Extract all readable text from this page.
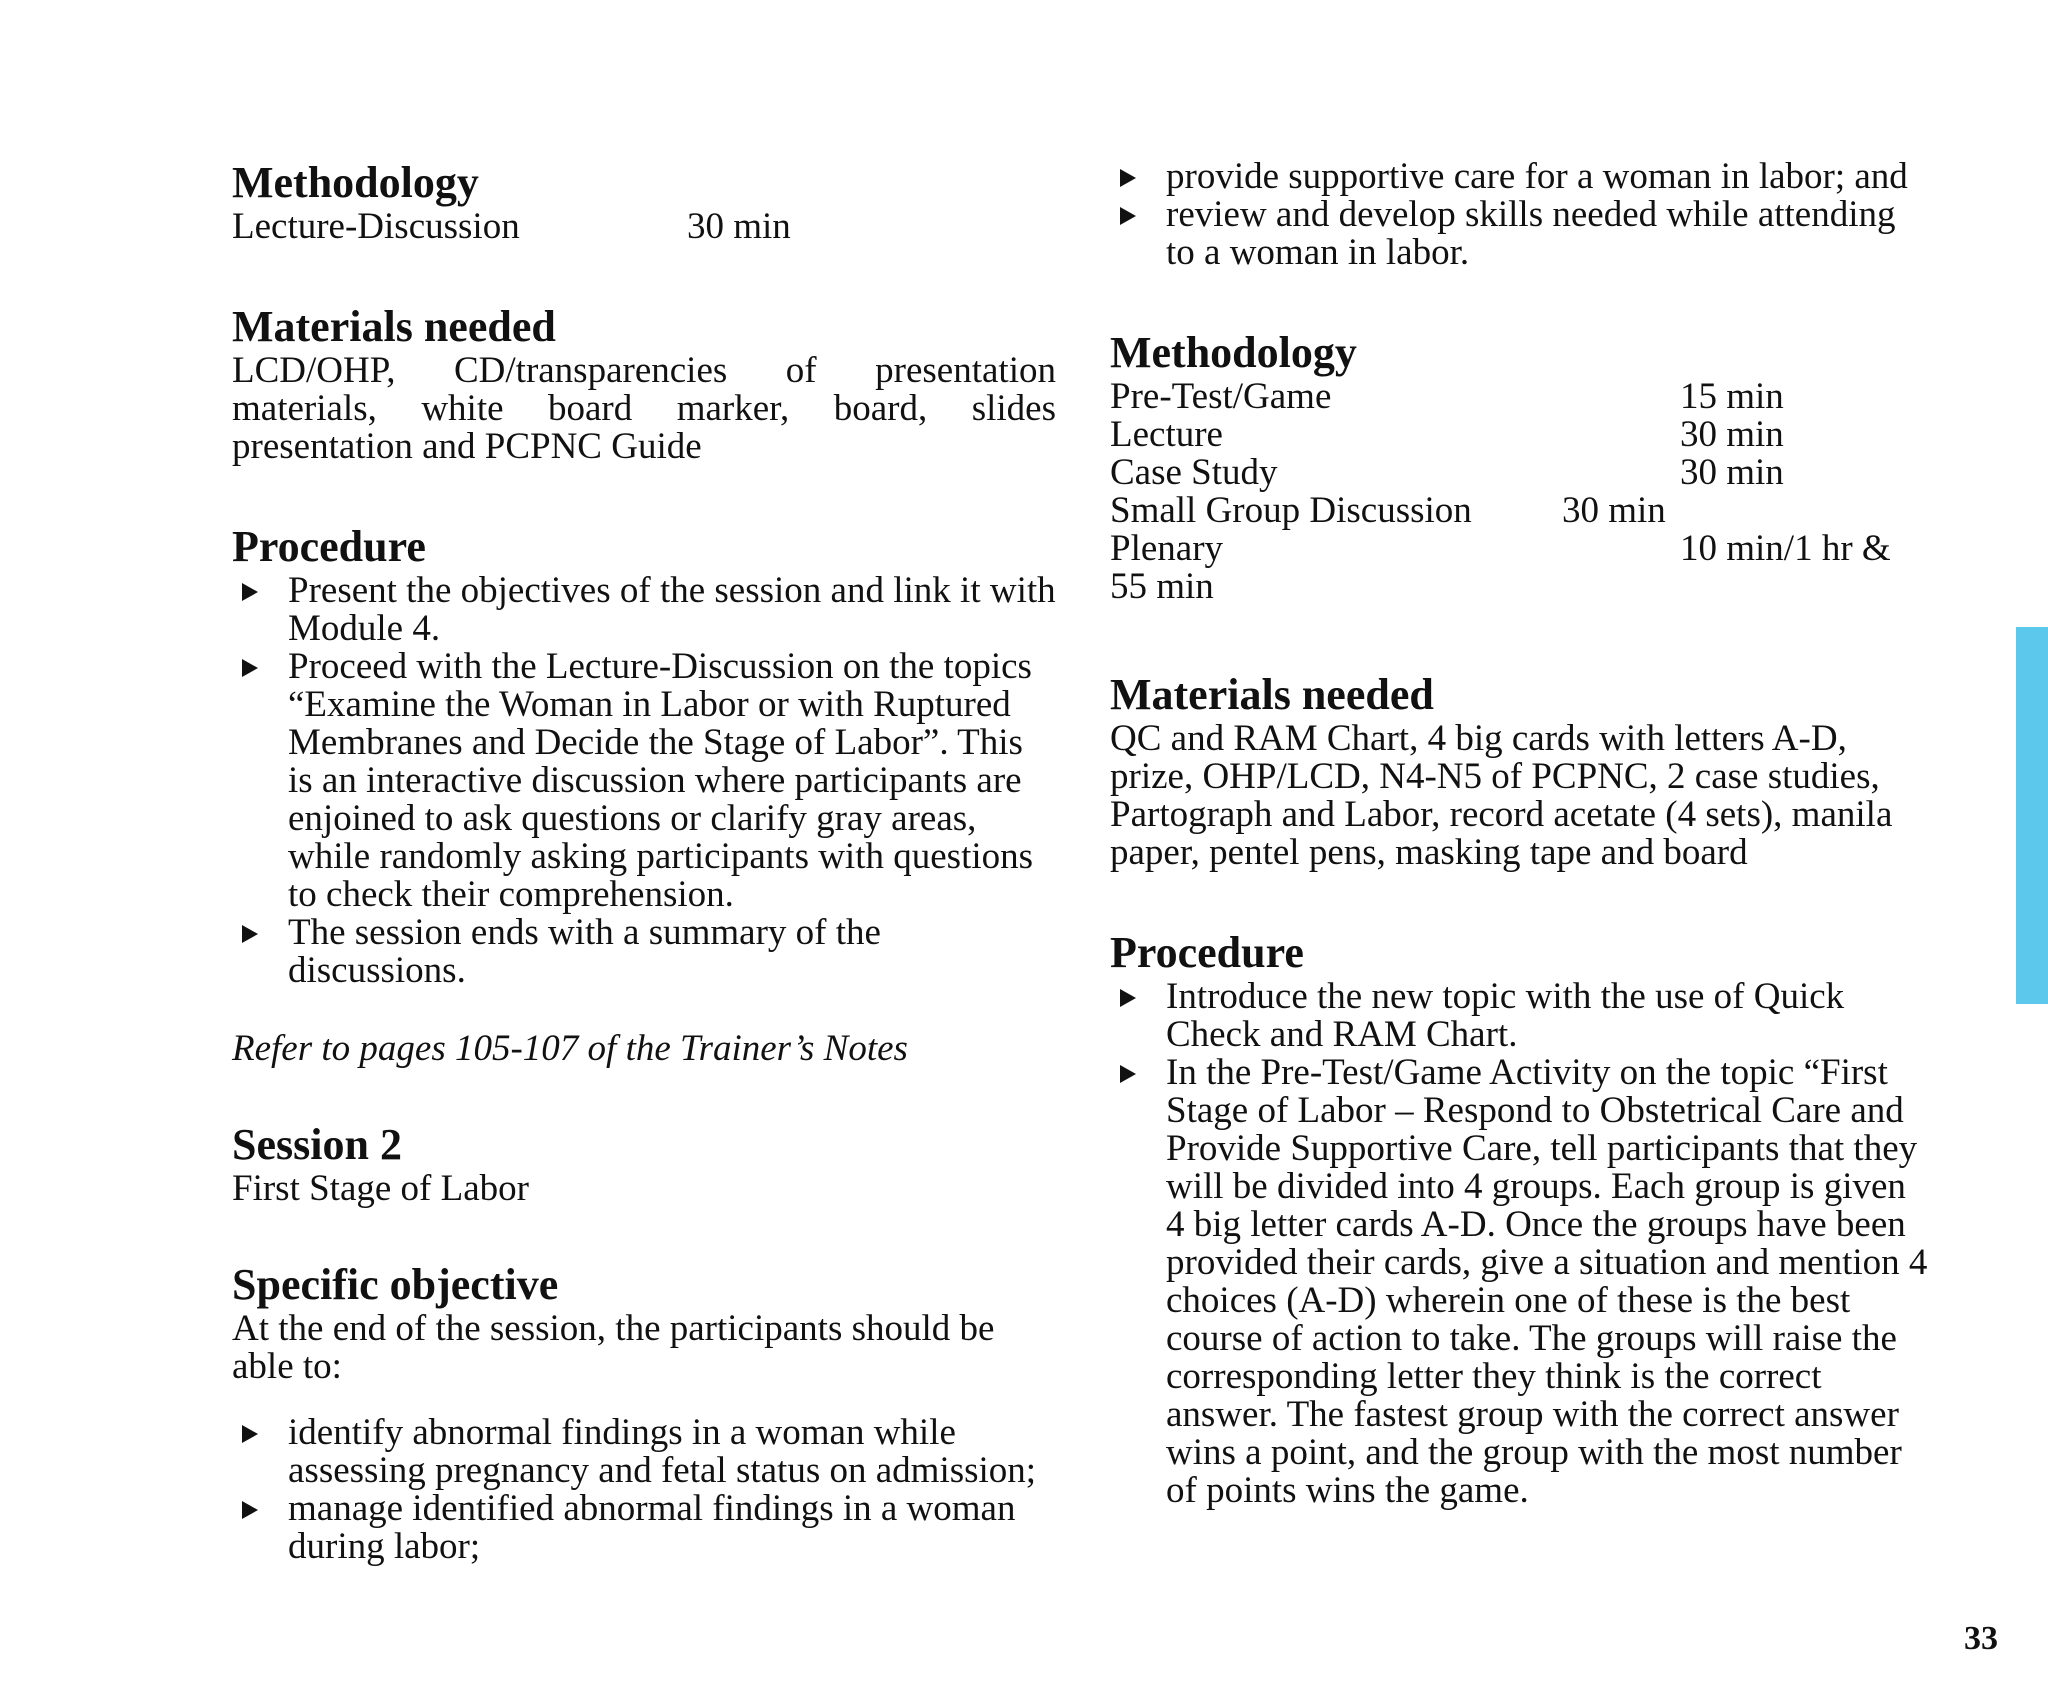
Methodology
Lecture-Discussion	30 min
Materials needed
LCD/OHP, CD/transparencies of presentation materials, white board marker, board, slides presentation and PCPNC Guide
Procedure
Present the objectives of the session and link it with Module 4.
Proceed with the Lecture-Discussion on the topics “Examine the Woman in Labor or with Ruptured Membranes and Decide the Stage of Labor”. This is an interactive discussion where participants are enjoined to ask questions or clarify gray areas, while randomly asking participants with questions to check their comprehension.
The session ends with a summary of the discussions.
Refer to pages 105-107 of the Trainer’s Notes
Session 2
First Stage of Labor
Specific objective
At the end of the session, the participants should be able to:
identify abnormal findings in a woman while assessing pregnancy and fetal status on admission;
manage identified abnormal findings in a woman during labor;
provide supportive care for a woman in labor; and
review and develop skills needed while attending to a woman in labor.
Methodology
Pre-Test/Game	15 min
Lecture	30 min
Case Study	30 min
Small Group Discussion	30 min
Plenary	10 min/1 hr &
55 min
Materials needed
QC and RAM Chart, 4 big cards with letters A-D, prize, OHP/LCD, N4-N5 of PCPNC, 2 case studies, Partograph and Labor, record acetate (4 sets), manila paper, pentel pens, masking tape and board
Procedure
Introduce the new topic with the use of Quick Check and RAM Chart.
In the Pre-Test/Game Activity on the topic “First Stage of Labor – Respond to Obstetrical Care and Provide Supportive Care, tell participants that they will be divided into 4 groups. Each group is given 4 big letter cards A-D. Once the groups have been provided their cards, give a situation and mention 4 choices (A-D) wherein one of these is the best course of action to take. The groups will raise the corresponding letter they think is the correct answer. The fastest group with the correct answer wins a point, and the group with the most number of points wins the game.
33
